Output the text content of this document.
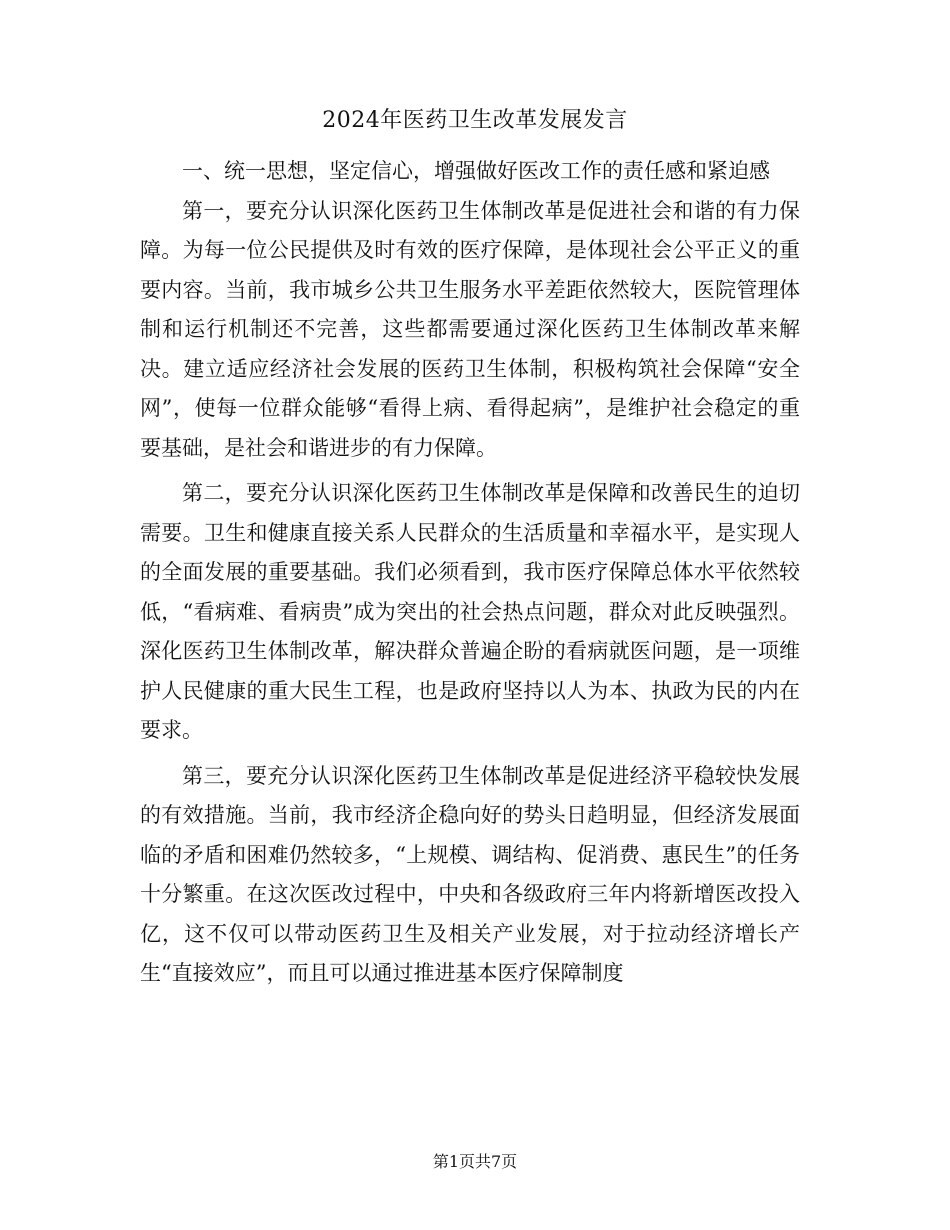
2024年医药卫生改革发展发言

一、统一思想，坚定信心，增强做好医改工作的责任感和紧迫感

第一，要充分认识深化医药卫生体制改革是促进社会和谐的有力保障。为每一位公民提供及时有效的医疗保障，是体现社会公平正义的重要内容。当前，我市城乡公共卫生服务水平差距依然较大，医院管理体制和运行机制还不完善，这些都需要通过深化医药卫生体制改革来解决。建立适应经济社会发展的医药卫生体制，积极构筑社会保障“安全网”，使每一位群众能够“看得上病、看得起病”，是维护社会稳定的重要基础，是社会和谐进步的有力保障。

第二，要充分认识深化医药卫生体制改革是保障和改善民生的迫切需要。卫生和健康直接关系人民群众的生活质量和幸福水平，是实现人的全面发展的重要基础。我们必须看到，我市医疗保障总体水平依然较低，“看病难、看病贵”成为突出的社会热点问题，群众对此反映强烈。深化医药卫生体制改革，解决群众普遍企盼的看病就医问题，是一项维护人民健康的重大民生工程，也是政府坚持以人为本、执政为民的内在要求。

第三，要充分认识深化医药卫生体制改革是促进经济平稳较快发展的有效措施。当前，我市经济企稳向好的势头日趋明显，但经济发展面临的矛盾和困难仍然较多，“上规模、调结构、促消费、惠民生”的任务十分繁重。在这次医改过程中，中央和各级政府三年内将新增医改投入亿，这不仅可以带动医药卫生及相关产业发展，对于拉动经济增长产生“直接效应”，而且可以通过推进基本医疗保障制度

第1页共7页
